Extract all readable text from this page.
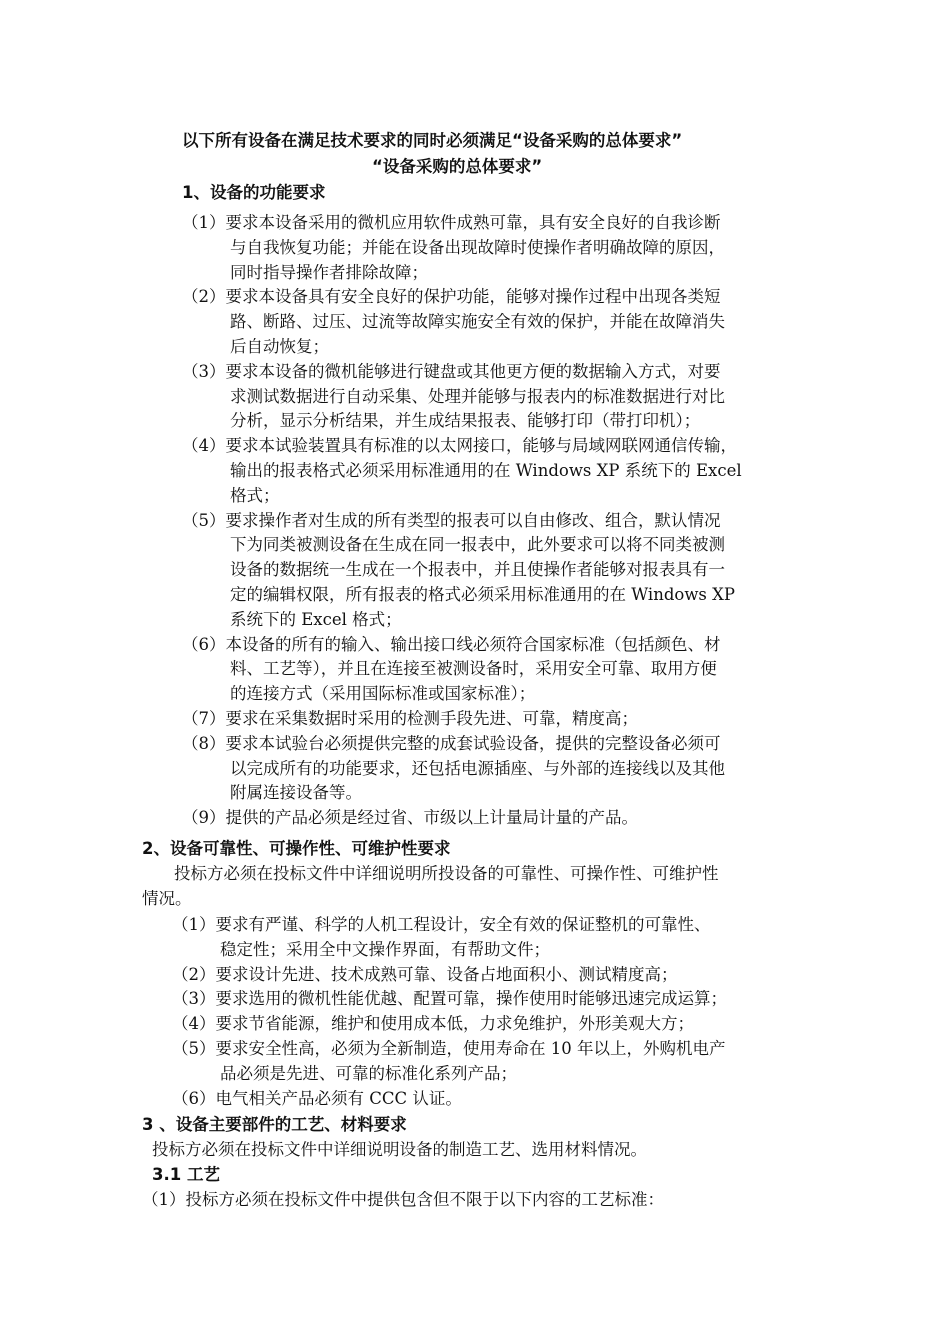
以下所有设备在满足技术要求的同时必须满足“设备采购的总体要求”
“设备采购的总体要求”
1、设备的功能要求
（1）要求本设备采用的微机应用软件成熟可靠，具有安全良好的自我诊断
与自我恢复功能；并能在设备出现故障时使操作者明确故障的原因，
同时指导操作者排除故障；
（2）要求本设备具有安全良好的保护功能，能够对操作过程中出现各类短
路、断路、过压、过流等故障实施安全有效的保护，并能在故障消失
后自动恢复；
（3）要求本设备的微机能够进行键盘或其他更方便的数据输入方式，对要
求测试数据进行自动采集、处理并能够与报表内的标准数据进行对比
分析，显示分析结果，并生成结果报表、能够打印（带打印机）；
（4）要求本试验装置具有标准的以太网接口，能够与局域网联网通信传输，
输出的报表格式必须采用标准通用的在 Windows XP 系统下的 Excel
格式；
（5）要求操作者对生成的所有类型的报表可以自由修改、组合，默认情况
下为同类被测设备在生成在同一报表中，此外要求可以将不同类被测
设备的数据统一生成在一个报表中，并且使操作者能够对报表具有一
定的编辑权限，所有报表的格式必须采用标准通用的在 Windows XP
系统下的 Excel 格式；
（6）本设备的所有的输入、输出接口线必须符合国家标准（包括颜色、材
料、工艺等），并且在连接至被测设备时，采用安全可靠、取用方便
的连接方式（采用国际标准或国家标准）；
（7）要求在采集数据时采用的检测手段先进、可靠，精度高；
（8）要求本试验台必须提供完整的成套试验设备，提供的完整设备必须可
以完成所有的功能要求，还包括电源插座、与外部的连接线以及其他
附属连接设备等。
（9）提供的产品必须是经过省、市级以上计量局计量的产品。
2、设备可靠性、可操作性、可维护性要求
投标方必须在投标文件中详细说明所投设备的可靠性、可操作性、可维护性
情况。
（1）要求有严谨、科学的人机工程设计，安全有效的保证整机的可靠性、
稳定性；采用全中文操作界面，有帮助文件；
（2）要求设计先进、技术成熟可靠、设备占地面积小、测试精度高；
（3）要求选用的微机性能优越、配置可靠，操作使用时能够迅速完成运算；
（4）要求节省能源，维护和使用成本低，力求免维护，外形美观大方；
（5）要求安全性高，必须为全新制造，使用寿命在 10 年以上，外购机电产
品必须是先进、可靠的标准化系列产品；
（6）电气相关产品必须有 CCC 认证。
3 、设备主要部件的工艺、材料要求
投标方必须在投标文件中详细说明设备的制造工艺、选用材料情况。
3.1 工艺
（1）投标方必须在投标文件中提供包含但不限于以下内容的工艺标准：
